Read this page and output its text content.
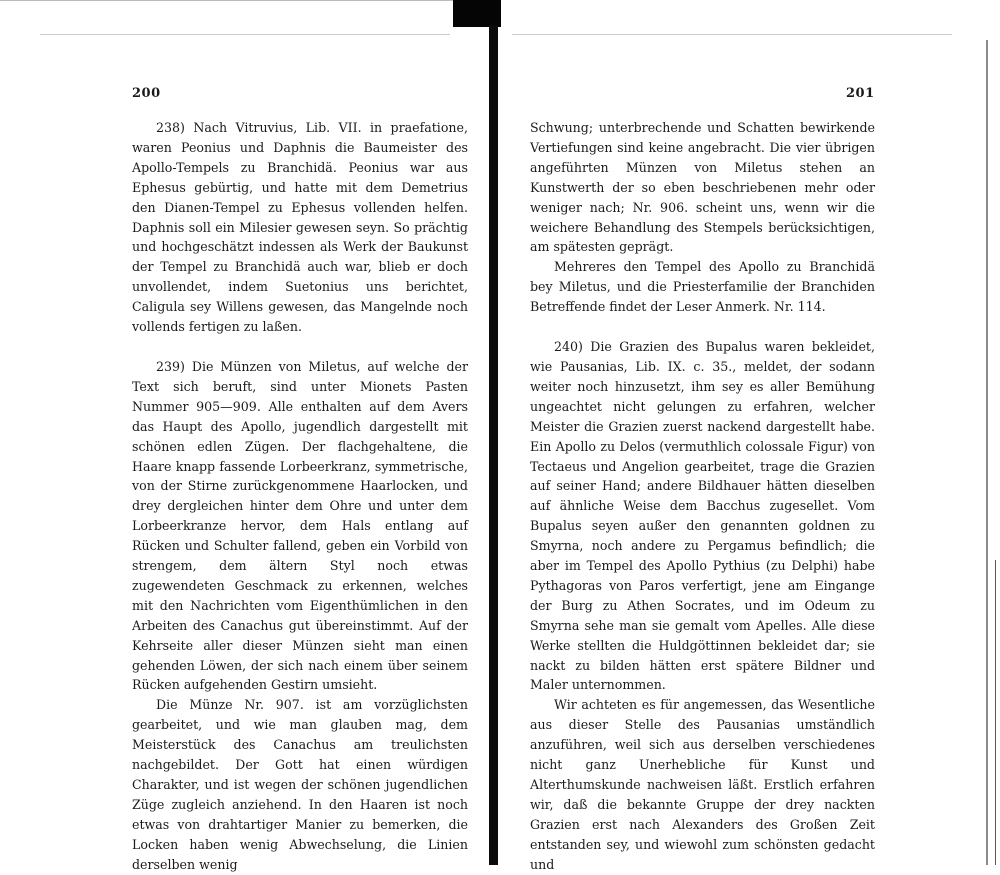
200	201

238) Nach Vitruvius, Lib. VII. in praefatione, waren Peonius und Daphnis die Baumeister des Apollo-Tempels zu Branchidä. Peonius war aus Ephesus gebürtig, und hatte mit dem Demetrius den Dianen-Tempel zu Ephesus vollenden helfen. Daphnis soll ein Milesier gewesen seyn. So prächtig und hochgeschätzt indessen als Werk der Baukunst der Tempel zu Branchidä auch war, blieb er doch unvollendet, indem Suetonius uns berichtet, Caligula sey Willens gewesen, das Mangelnde noch vollends fertigen zu laßen.

239) Die Münzen von Miletus, auf welche der Text sich beruft, sind unter Mionets Pasten Nummer 905—909. Alle enthalten auf dem Avers das Haupt des Apollo, jugendlich dargestellt mit schönen edlen Zügen. Der flachgehaltene, die Haare knapp fassende Lorbeerkranz, symmetrische, von der Stirne zurückgenommene Haarlocken, und drey dergleichen hinter dem Ohre und unter dem Lorbeerkranze hervor, dem Hals entlang auf Rücken und Schulter fallend, geben ein Vorbild von strengem, dem ältern Styl noch etwas zugewendeten Geschmack zu erkennen, welches mit den Nachrichten vom Eigenthümlichen in den Arbeiten des Canachus gut übereinstimmt. Auf der Kehrseite aller dieser Münzen sieht man einen gehenden Löwen, der sich nach einem über seinem Rücken aufgehenden Gestirn umsieht.

Die Münze Nr. 907. ist am vorzüglichsten gearbeitet, und wie man glauben mag, dem Meisterstück des Canachus am treulichsten nachgebildet. Der Gott hat einen würdigen Charakter, und ist wegen der schönen jugendlichen Züge zugleich anziehend. In den Haaren ist noch etwas von drahtartiger Manier zu bemerken, die Locken haben wenig Abwechselung, die Linien derselben wenig

Schwung; unterbrechende und Schatten bewirkende Vertiefungen sind keine angebracht. Die vier übrigen angeführten Münzen von Miletus stehen an Kunstwerth der so eben beschriebenen mehr oder weniger nach; Nr. 906. scheint uns, wenn wir die weichere Behandlung des Stempels berücksichtigen, am spätesten geprägt.

Mehreres den Tempel des Apollo zu Branchidä bey Miletus, und die Priesterfamilie der Branchiden Betreffende findet der Leser Anmerk. Nr. 114.

240) Die Grazien des Bupalus waren bekleidet, wie Pausanias, Lib. IX. c. 35., meldet, der sodann weiter noch hinzusetzt, ihm sey es aller Bemühung ungeachtet nicht gelungen zu erfahren, welcher Meister die Grazien zuerst nackend dargestellt habe. Ein Apollo zu Delos (vermuthlich colossale Figur) von Tectaeus und Angelion gearbeitet, trage die Grazien auf seiner Hand; andere Bildhauer hätten dieselben auf ähnliche Weise dem Bacchus zugesellet. Vom Bupalus seyen außer den genannten goldnen zu Smyrna, noch andere zu Pergamus befindlich; die aber im Tempel des Apollo Pythius (zu Delphi) habe Pythagoras von Paros verfertigt, jene am Eingange der Burg zu Athen Socrates, und im Odeum zu Smyrna sehe man sie gemalt vom Apelles. Alle diese Werke stellten die Huldgöttinnen bekleidet dar; sie nackt zu bilden hätten erst spätere Bildner und Maler unternommen.

Wir achteten es für angemessen, das Wesentliche aus dieser Stelle des Pausanias umständlich anzuführen, weil sich aus derselben verschiedenes nicht ganz Unerhebliche für Kunst und Alterthumskunde nachweisen läßt. Erstlich erfahren wir, daß die bekannte Gruppe der drey nackten Grazien erst nach Alexanders des Großen Zeit entstanden sey, und wiewohl zum schönsten gedacht und
